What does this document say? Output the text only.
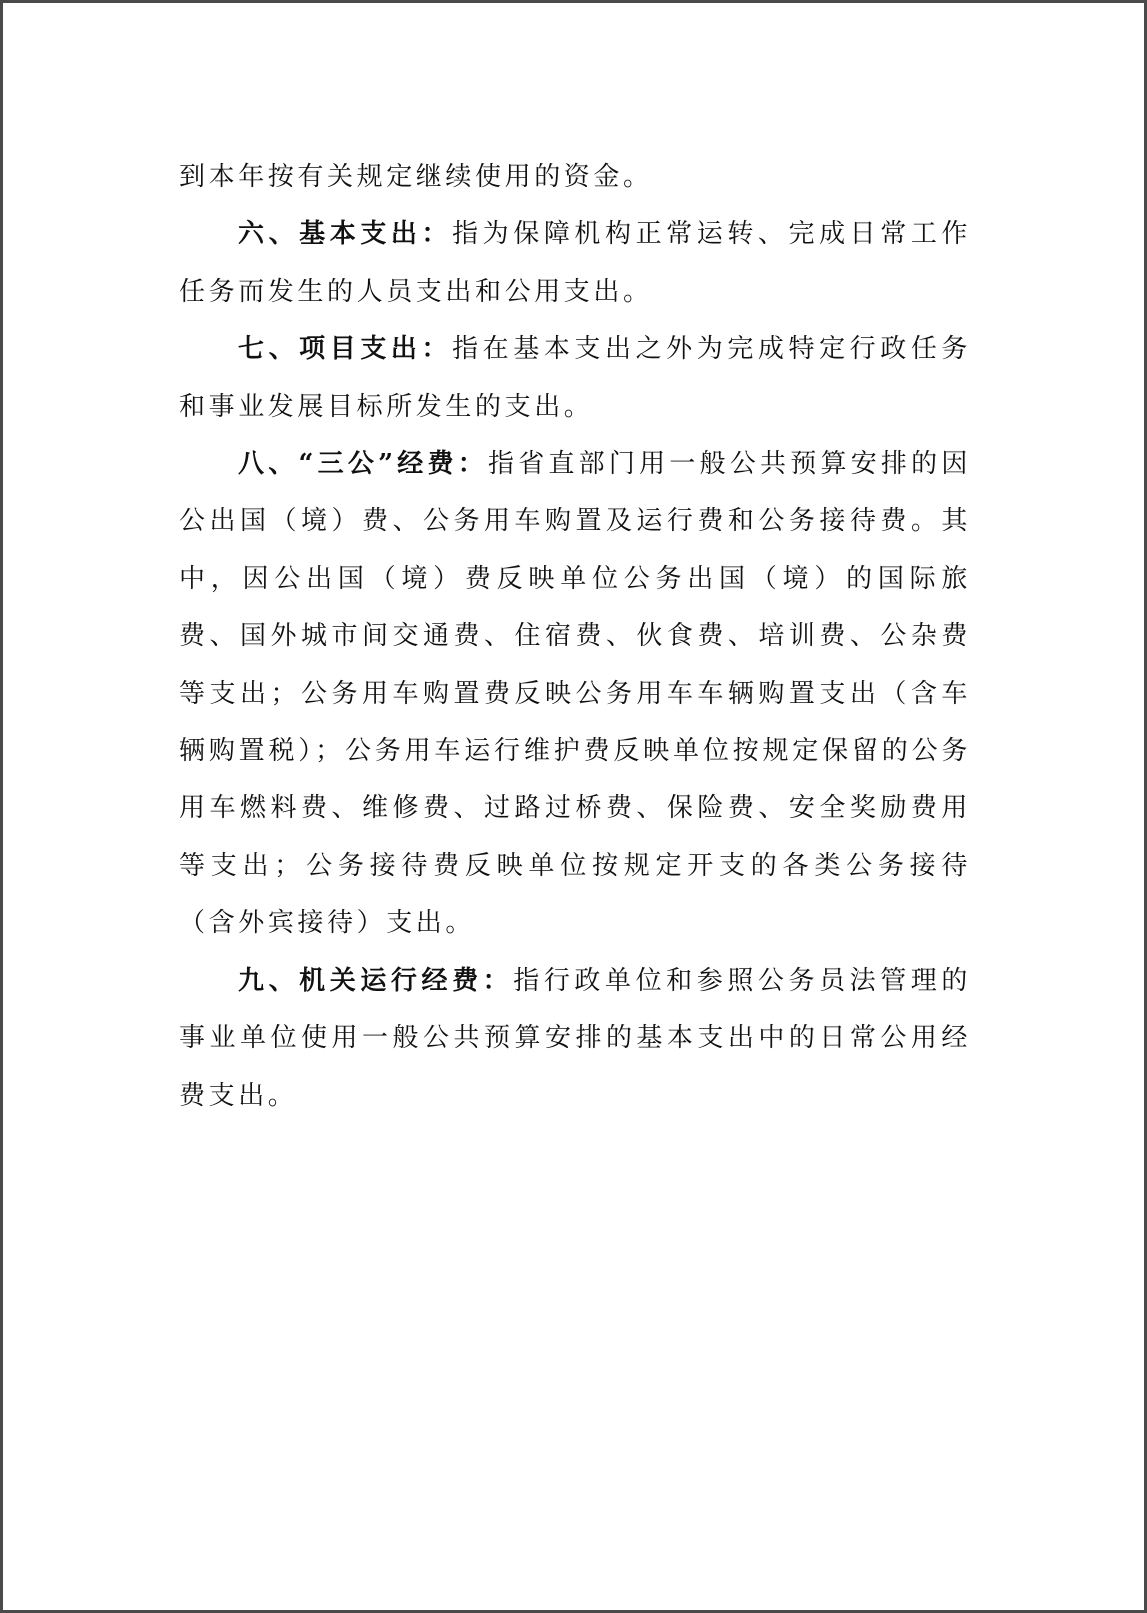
到本年按有关规定继续使用的资金。

六、基本支出：指为保障机构正常运转、完成日常工作任务而发生的人员支出和公用支出。

七、项目支出：指在基本支出之外为完成特定行政任务和事业发展目标所发生的支出。

八、“三公”经费：指省直部门用一般公共预算安排的因公出国（境）费、公务用车购置及运行费和公务接待费。其中，因公出国（境）费反映单位公务出国（境）的国际旅费、国外城市间交通费、住宿费、伙食费、培训费、公杂费等支出；公务用车购置费反映公务用车车辆购置支出（含车辆购置税）；公务用车运行维护费反映单位按规定保留的公务用车燃料费、维修费、过路过桥费、保险费、安全奖励费用等支出；公务接待费反映单位按规定开支的各类公务接待（含外宾接待）支出。

九、机关运行经费：指行政单位和参照公务员法管理的事业单位使用一般公共预算安排的基本支出中的日常公用经费支出。
